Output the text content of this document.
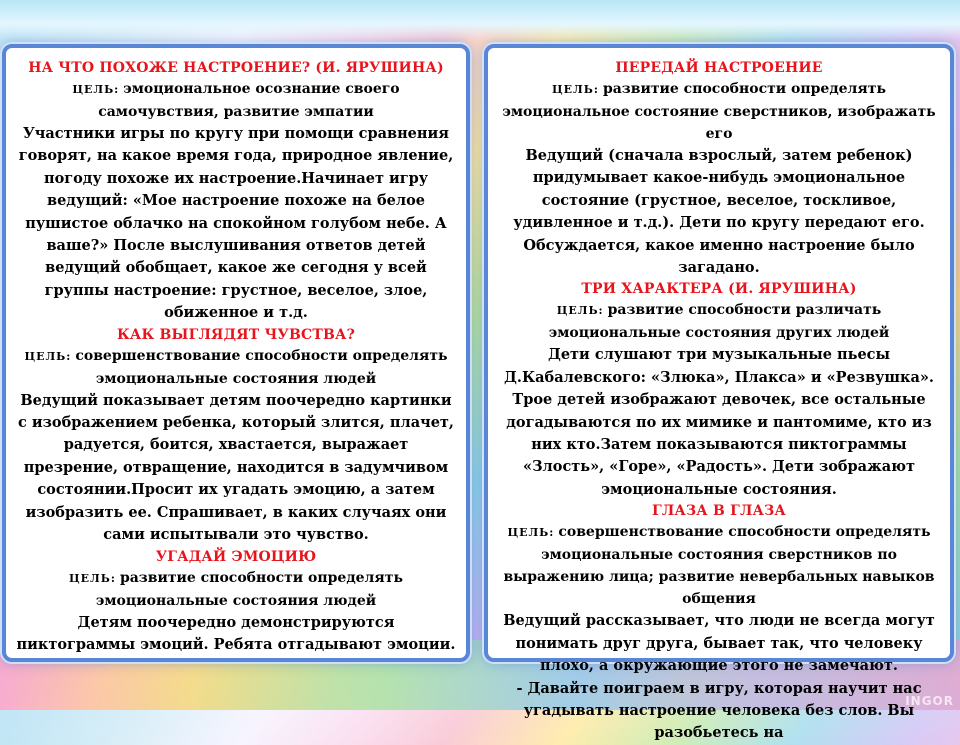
НА ЧТО ПОХОЖЕ НАСТРОЕНИЕ? (И. ЯРУШИНА)
ЦЕЛЬ: эмоциональное осознание своего самочувствия, развитие эмпатии
Участники игры по кругу при помощи сравнения говорят, на какое время года, природное явление, погоду похоже их настроение.Начинает игру ведущий: «Мое настроение похоже на белое пушистое облачко на спокойном голубом небе. А ваше?» После выслушивания ответов детей ведущий обобщает, какое же сегодня у всей группы настроение: грустное, веселое, злое, обиженное и т.д.
КАК ВЫГЛЯДЯТ ЧУВСТВА?
ЦЕЛЬ: совершенствование способности определять эмоциональные состояния людей
Ведущий показывает детям поочередно картинки с изображением ребенка, который злится, плачет, радуется, боится, хвастается, выражает презрение, отвращение, находится в задумчивом состоянии.Просит их угадать эмоцию, а затем изобразить ее. Спрашивает, в каких случаях они сами испытывали это чувство.
УГАДАЙ ЭМОЦИЮ
ЦЕЛЬ: развитие способности определять эмоциональные состояния людей
Детям поочередно демонстрируются пиктограммы эмоций. Ребята отгадывают эмоции.
ПЕРЕДАЙ НАСТРОЕНИЕ
ЦЕЛЬ: развитие способности определять эмоциональное состояние сверстников, изображать его
Ведущий (сначала взрослый, затем ребенок) придумывает какое-нибудь эмоциональное состояние (грустное, веселое, тоскливое, удивленное и т.д.). Дети по кругу передают его. Обсуждается, какое именно настроение было загадано.
ТРИ ХАРАКТЕРА (И. ЯРУШИНА)
ЦЕЛЬ: развитие способности различать эмоциональные состояния других людей
Дети слушают три музыкальные пьесы Д.Кабалевского: «Злюка», Плакса» и «Резвушка». Трое детей изображают девочек, все остальные догадываются по их мимике и пантомиме, кто из них кто.Затем показываются пиктограммы «Злость», «Горе», «Радость». Дети зображают эмоциональные состояния.
ГЛАЗА В ГЛАЗА
ЦЕЛЬ: совершенствование способности определять эмоциональные состояния сверстников по выражению лица; развитие невербальных навыков общения
Ведущий рассказывает, что люди не всегда могут понимать друг друга, бывает так, что человеку плохо, а окружающие этого не замечают.
- Давайте поиграем в игру, которая научит нас угадывать настроение человека без слов. Вы разобьетесь на
INGOR
